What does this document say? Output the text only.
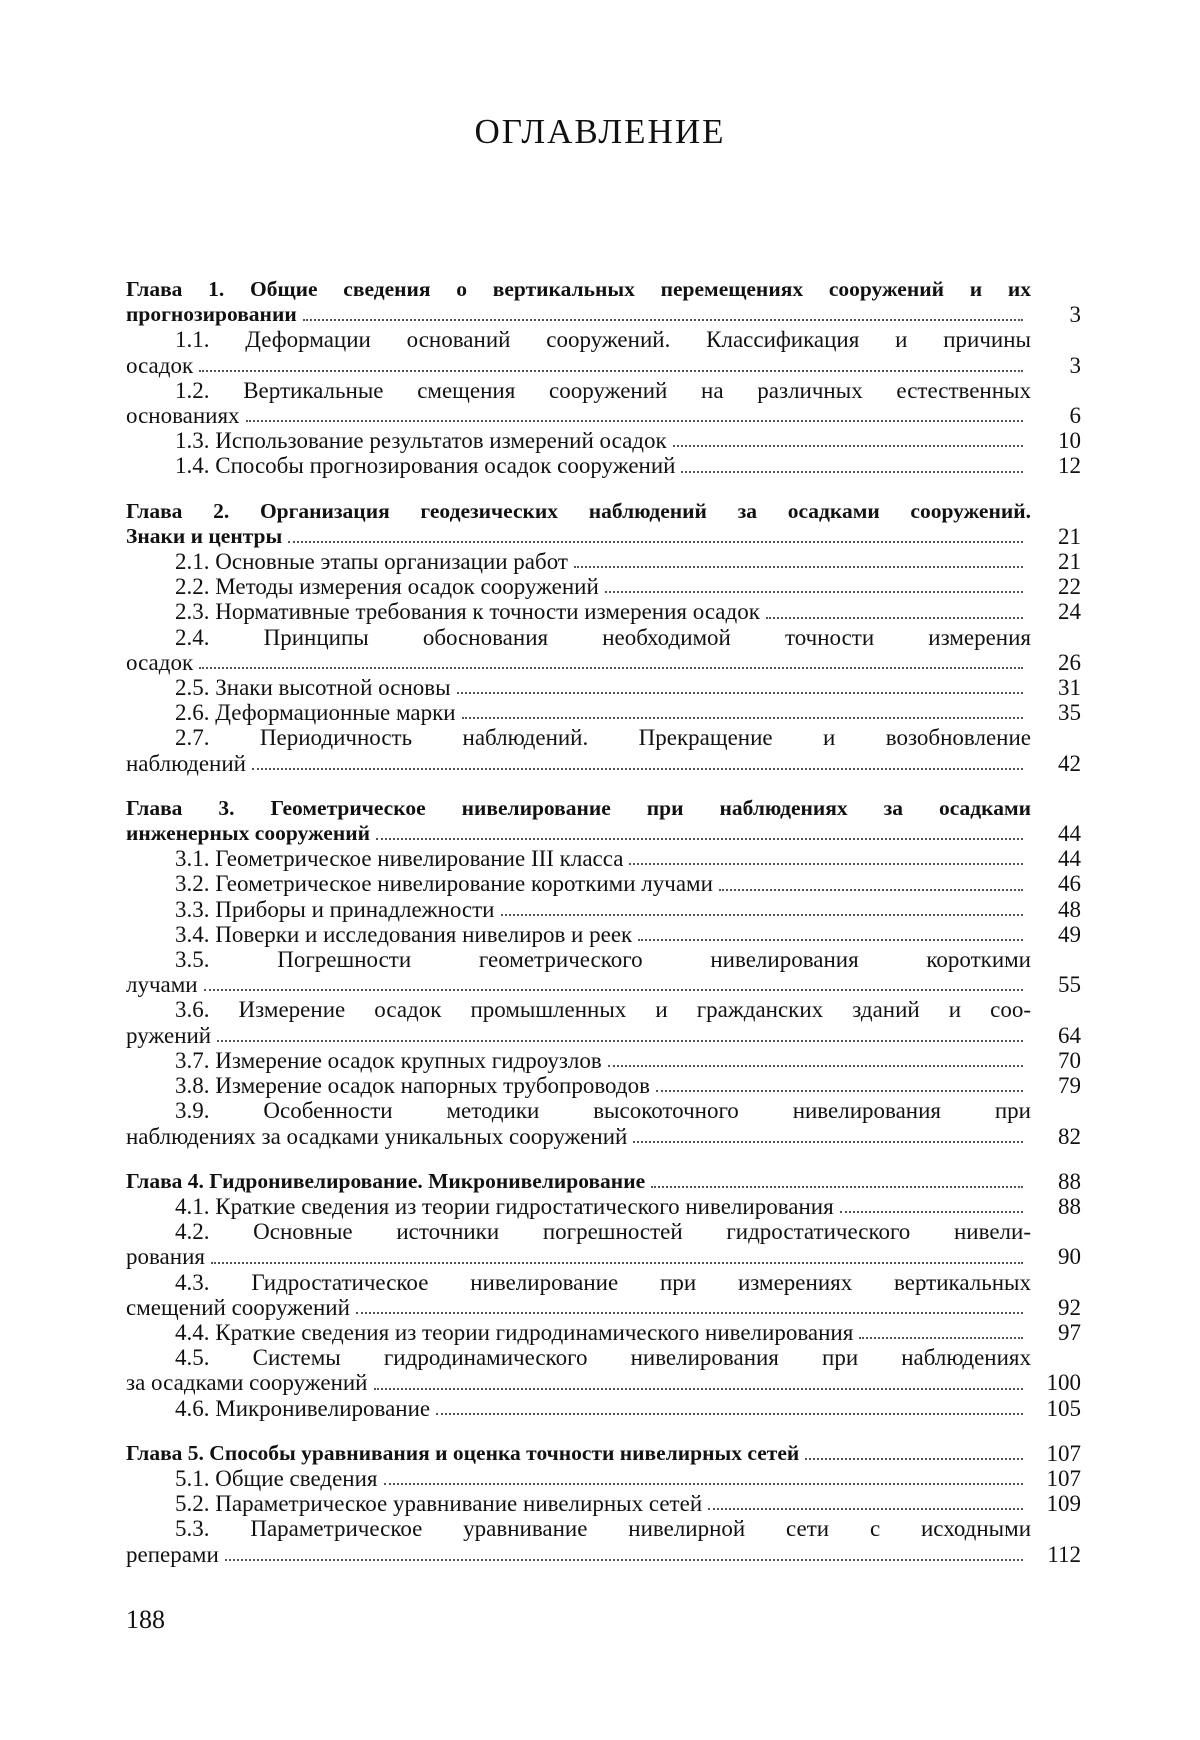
ОГЛАВЛЕНИЕ
Глава 1. Общие сведения о вертикальных перемещениях сооружений и их
прогнозировании	3
1.1. Деформации оснований сооружений. Классификация и причины
осадок	3
1.2. Вертикальные смещения сооружений на различных естественных
основаниях	6
1.3. Использование результатов измерений осадок	10
1.4. Способы прогнозирования осадок сооружений	12
Глава 2. Организация геодезических наблюдений за осадками сооружений.
Знаки и центры	21
2.1. Основные этапы организации работ	21
2.2. Методы измерения осадок сооружений	22
2.3. Нормативные требования к точности измерения осадок	24
2.4. Принципы обоснования необходимой точности измерения
осадок	26
2.5. Знаки высотной основы	31
2.6. Деформационные марки	35
2.7. Периодичность наблюдений. Прекращение и возобновление
наблюдений	42
Глава 3. Геометрическое нивелирование при наблюдениях за осадками
инженерных сооружений	44
3.1. Геометрическое нивелирование III класса	44
3.2. Геометрическое нивелирование короткими лучами	46
3.3. Приборы и принадлежности	48
3.4. Поверки и исследования нивелиров и реек	49
3.5. Погрешности геометрического нивелирования короткими
лучами	55
3.6. Измерение осадок промышленных и гражданских зданий и соо-
ружений	64
3.7. Измерение осадок крупных гидроузлов	70
3.8. Измерение осадок напорных трубопроводов	79
3.9. Особенности методики высокоточного нивелирования при
наблюдениях за осадками уникальных сооружений	82
Глава 4. Гидронивелирование. Микронивелирование	88
4.1. Краткие сведения из теории гидростатического нивелирования	88
4.2. Основные источники погрешностей гидростатического нивели-
рования	90
4.3. Гидростатическое нивелирование при измерениях вертикальных
смещений сооружений	92
4.4. Краткие сведения из теории гидродинамического нивелирования	97
4.5. Системы гидродинамического нивелирования при наблюдениях
за осадками сооружений	100
4.6. Микронивелирование	105
Глава 5. Способы уравнивания и оценка точности нивелирных сетей	107
5.1. Общие сведения	107
5.2. Параметрическое уравнивание нивелирных сетей	109
5.3. Параметрическое уравнивание нивелирной сети с исходными
реперами	112
188
